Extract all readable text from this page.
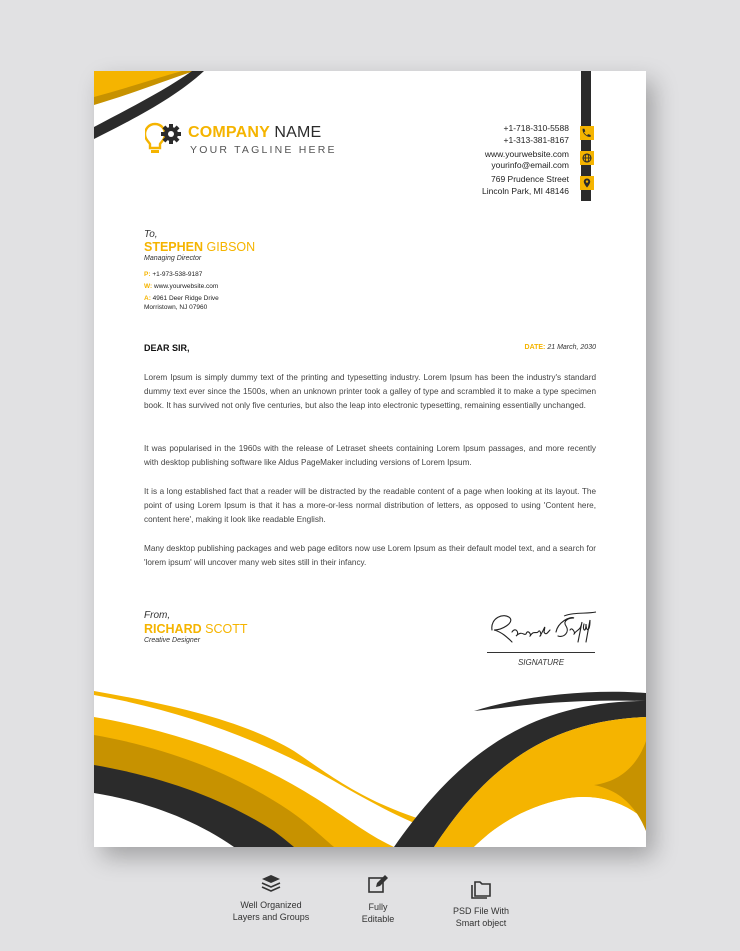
COMPANY NAME
YOUR TAGLINE HERE
+1-718-310-5588
+1-313-381-8167
www.yourwebsite.com
yourinfo@email.com
769 Prudence Street
Lincoln Park, MI 48146
To,
STEPHEN GIBSON
Managing Director
P: +1-973-538-9187
W: www.yourwebsite.com
A: 4961 Deer Ridge Drive
Morristown, NJ 07960
DEAR SIR,	DATE: 21 March, 2030
Lorem Ipsum is simply dummy text of the printing and typesetting industry. Lorem Ipsum has been the industry's standard dummy text ever since the 1500s, when an unknown printer took a galley of type and scrambled it to make a type specimen book. It has survived not only five centuries, but also the leap into electronic typesetting, remaining essentially unchanged.
It was popularised in the 1960s with the release of Letraset sheets containing Lorem Ipsum passages, and more recently with desktop publishing software like Aldus PageMaker including versions of Lorem Ipsum.
It is a long established fact that a reader will be distracted by the readable content of a page when looking at its layout. The point of using Lorem Ipsum is that it has a more-or-less normal distribution of letters, as opposed to using 'Content here, content here', making it look like readable English.
Many desktop publishing packages and web page editors now use Lorem Ipsum as their default model text, and a search for 'lorem ipsum' will uncover many web sites still in their infancy.
From,
RICHARD SCOTT
Creative Designer
SIGNATURE
Well Organized
Layers and Groups
Fully
Editable
PSD File With
Smart object
